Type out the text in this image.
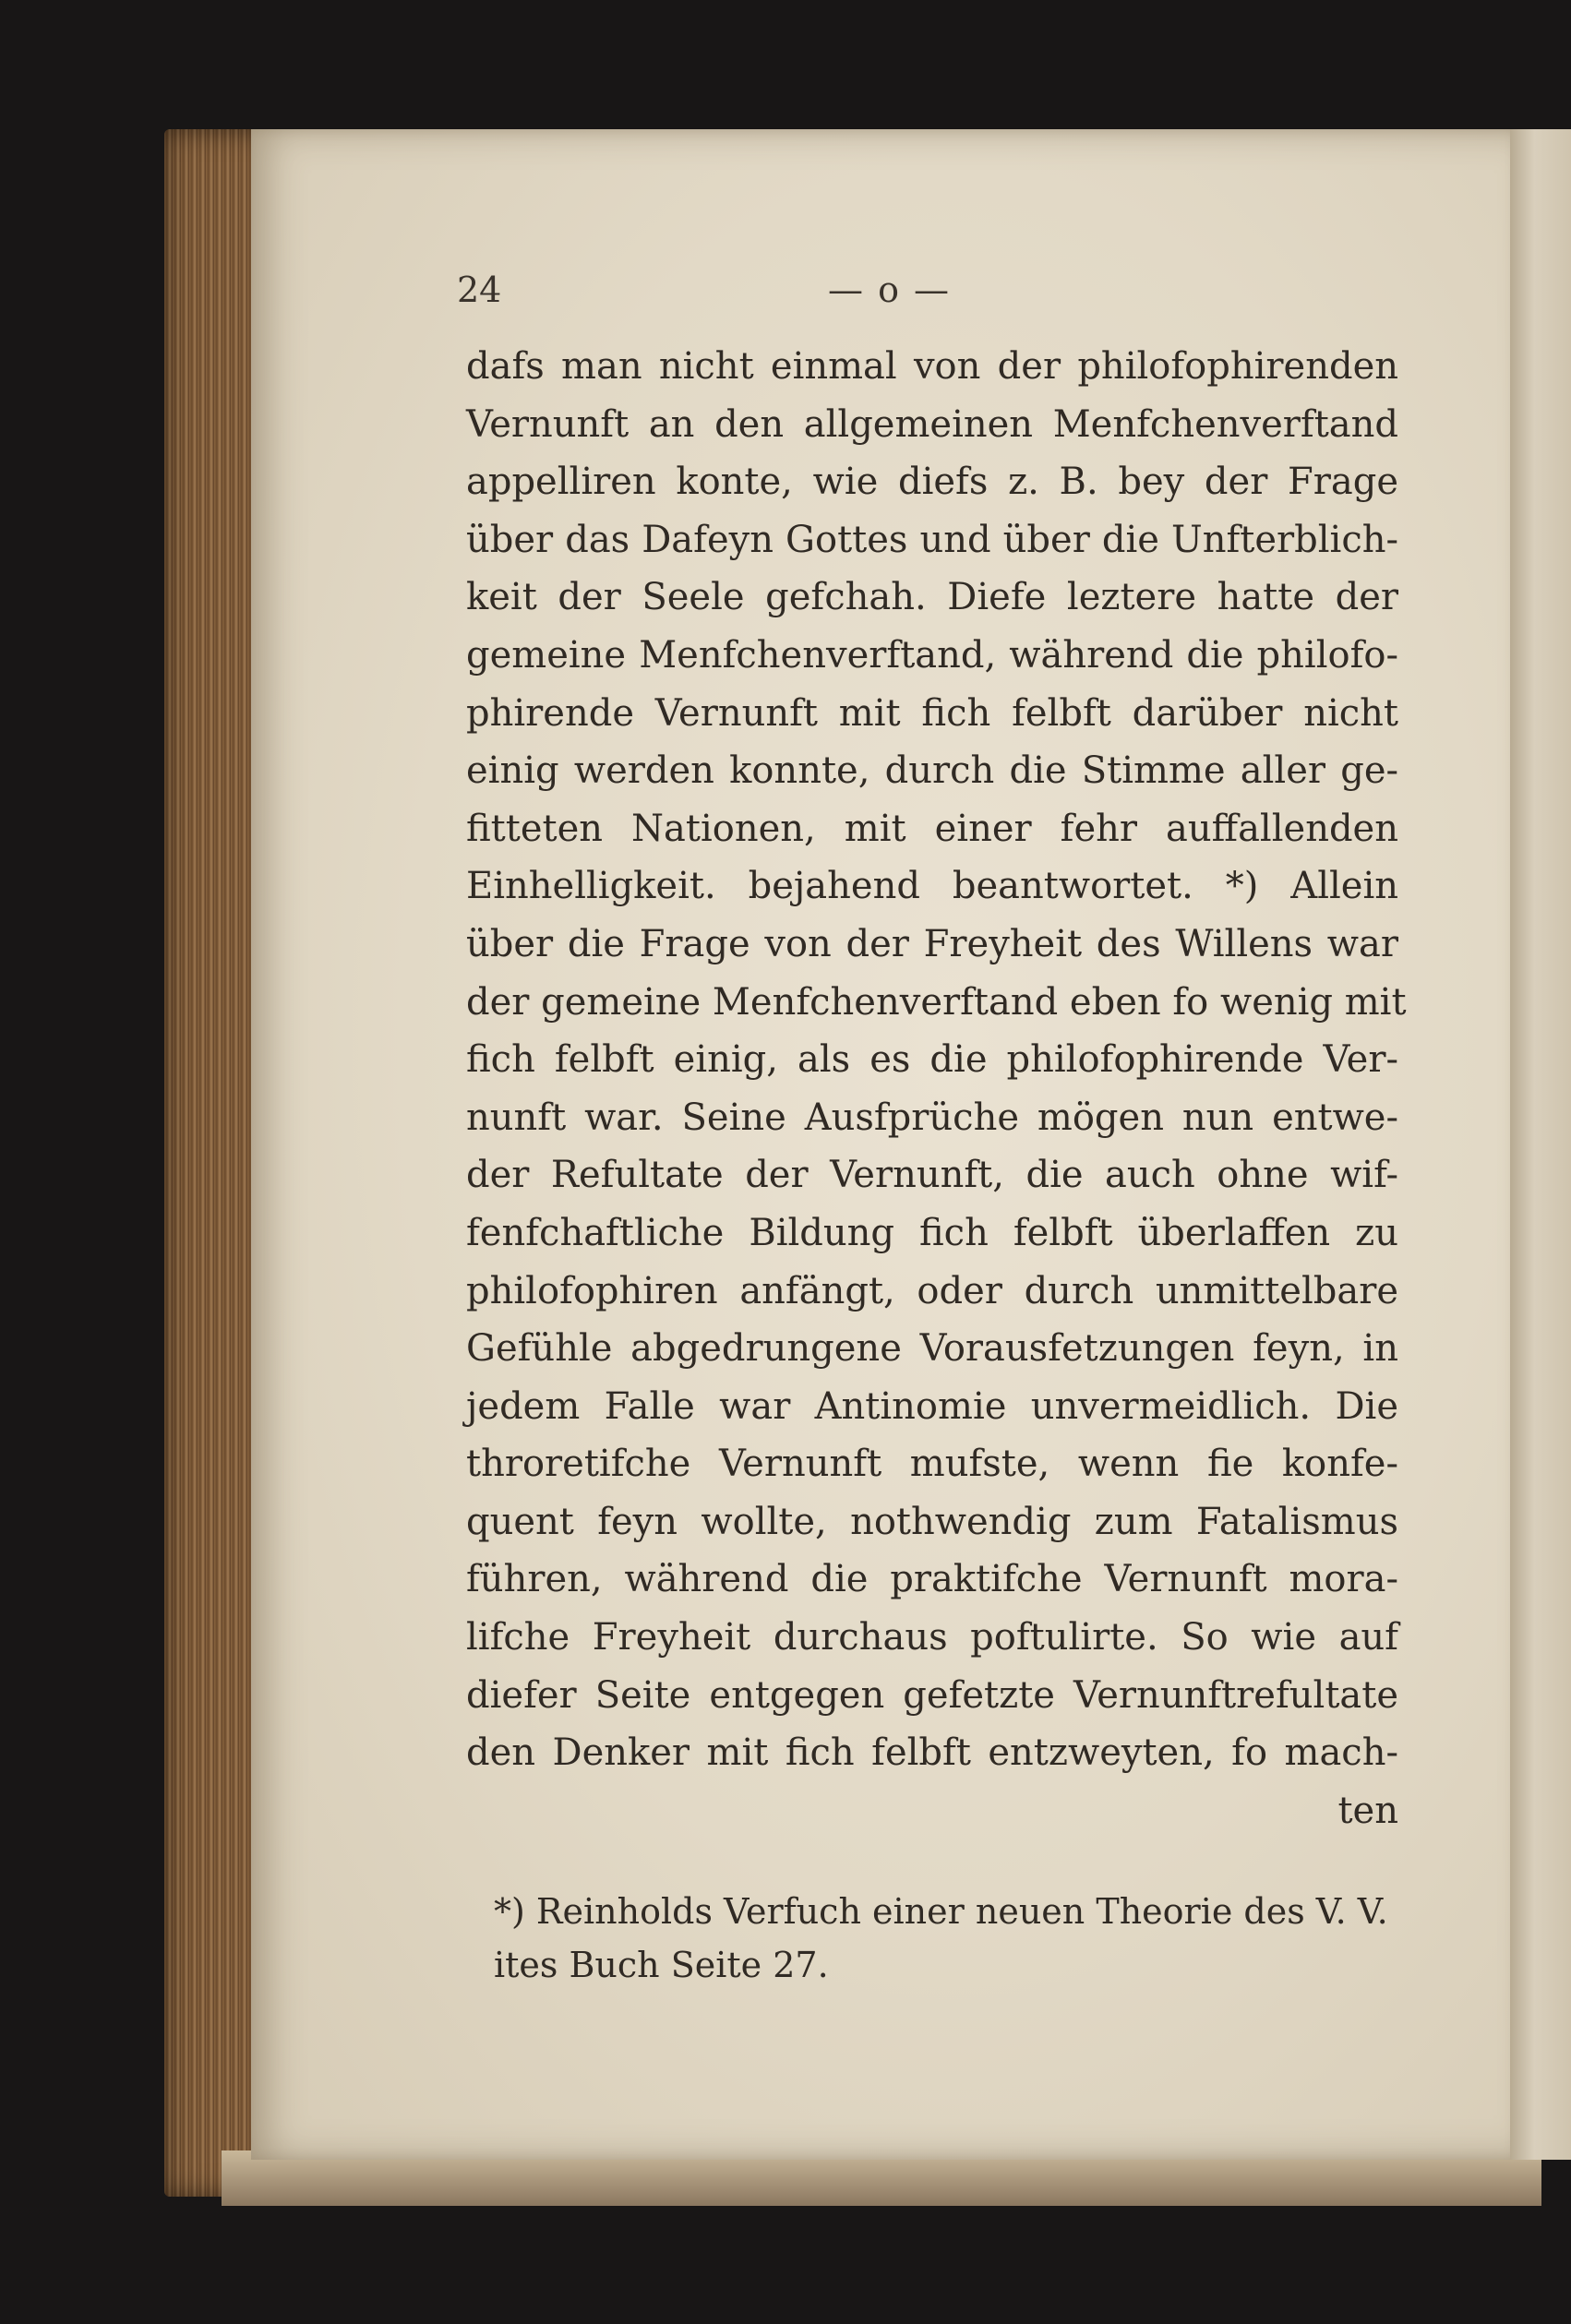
24	— o —
dafs man nicht einmal von der philofophirenden
Vernunft an den allgemeinen Menfchenverftand
appelliren konte, wie diefs z. B. bey der Frage
über das Dafeyn Gottes und über die Unfterblich-
keit der Seele gefchah. Diefe leztere hatte der
gemeine Menfchenverftand, während die philofo-
phirende Vernunft mit fich felbft darüber nicht
einig werden konnte, durch die Stimme aller ge-
fitteten Nationen, mit einer fehr auffallenden
Einhelligkeit. bejahend beantwortet. *) Allein
über die Frage von der Freyheit des Willens war
der gemeine Menfchenverftand eben fo wenig mit
fich felbft einig, als es die philofophirende Ver-
nunft war. Seine Ausfprüche mögen nun entwe-
der Refultate der Vernunft, die auch ohne wif-
fenfchaftliche Bildung fich felbft überlaffen zu
philofophiren anfängt, oder durch unmittelbare
Gefühle abgedrungene Vorausfetzungen feyn, in
jedem Falle war Antinomie unvermeidlich. Die
throretifche Vernunft mufste, wenn fie konfe-
quent feyn wollte, nothwendig zum Fatalismus
führen, während die praktifche Vernunft mora-
lifche Freyheit durchaus poftulirte. So wie auf
diefer Seite entgegen gefetzte Vernunftrefultate
den Denker mit fich felbft entzweyten, fo mach-
ten
*) Reinholds Verfuch einer neuen Theorie des V. V.
ites Buch Seite 27.
